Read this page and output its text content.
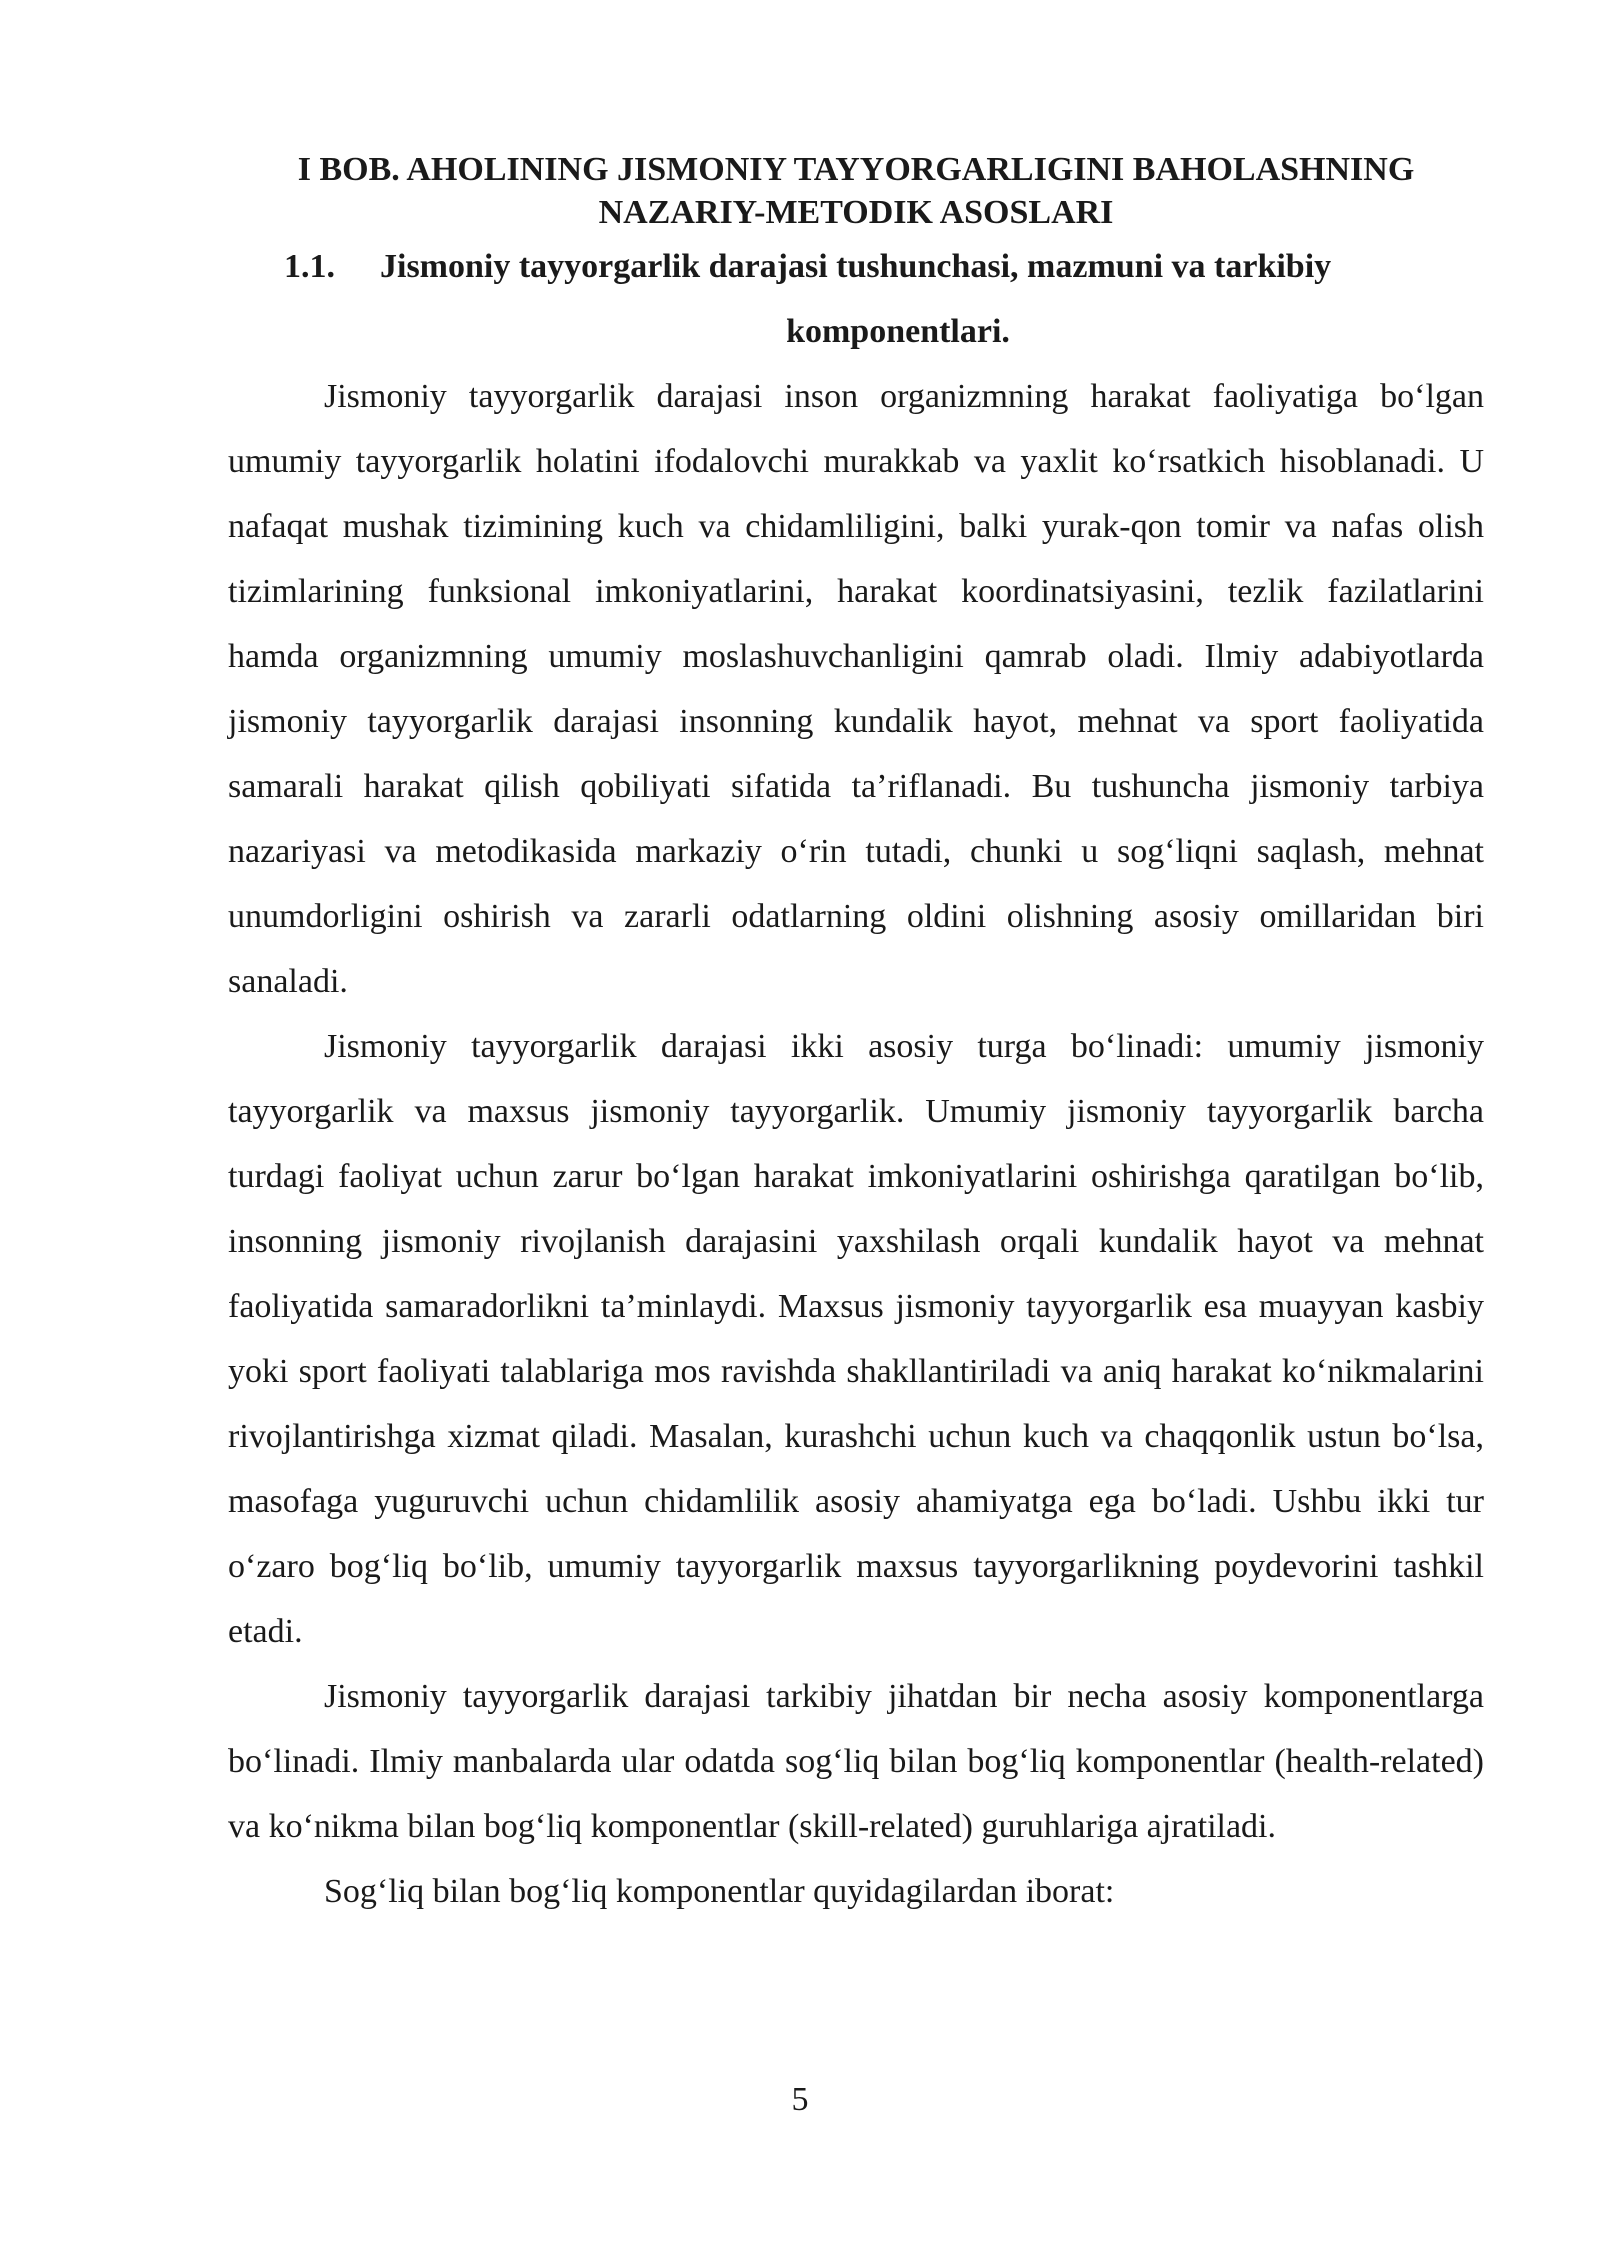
I BOB. AHOLINING JISMONIY TAYYORGARLIGINI BAHOLASHNING NAZARIY-METODIK ASOSLARI
1.1. Jismoniy tayyorgarlik darajasi tushunchasi, mazmuni va tarkibiy
komponentlari.

Jismoniy tayyorgarlik darajasi inson organizmning harakat faoliyatiga bo‘lgan umumiy tayyorgarlik holatini ifodalovchi murakkab va yaxlit ko‘rsatkich hisoblanadi. U nafaqat mushak tizimining kuch va chidamliligini, balki yurak-qon tomir va nafas olish tizimlarining funksional imkoniyatlarini, harakat koordinatsiyasini, tezlik fazilatlarini hamda organizmning umumiy moslashuvchanligini qamrab oladi. Ilmiy adabiyotlarda jismoniy tayyorgarlik darajasi insonning kundalik hayot, mehnat va sport faoliyatida samarali harakat qilish qobiliyati sifatida ta’riflanadi. Bu tushuncha jismoniy tarbiya nazariyasi va metodikasida markaziy o‘rin tutadi, chunki u sog‘liqni saqlash, mehnat unumdorligini oshirish va zararli odatlarning oldini olishning asosiy omillaridan biri sanaladi.

Jismoniy tayyorgarlik darajasi ikki asosiy turga bo‘linadi: umumiy jismoniy tayyorgarlik va maxsus jismoniy tayyorgarlik. Umumiy jismoniy tayyorgarlik barcha turdagi faoliyat uchun zarur bo‘lgan harakat imkoniyatlarini oshirishga qaratilgan bo‘lib, insonning jismoniy rivojlanish darajasini yaxshilash orqali kundalik hayot va mehnat faoliyatida samaradorlikni ta’minlaydi. Maxsus jismoniy tayyorgarlik esa muayyan kasbiy yoki sport faoliyati talablariga mos ravishda shakllantiriladi va aniq harakat ko‘nikmalarini rivojlantirishga xizmat qiladi. Masalan, kurashchi uchun kuch va chaqqonlik ustun bo‘lsa, masofaga yuguruvchi uchun chidamlilik asosiy ahamiyatga ega bo‘ladi. Ushbu ikki tur o‘zaro bog‘liq bo‘lib, umumiy tayyorgarlik maxsus tayyorgarlikning poydevorini tashkil etadi.

Jismoniy tayyorgarlik darajasi tarkibiy jihatdan bir necha asosiy komponentlarga bo‘linadi. Ilmiy manbalarda ular odatda sog‘liq bilan bog‘liq komponentlar (health-related) va ko‘nikma bilan bog‘liq komponentlar (skill-related) guruhlariga ajratiladi.

Sog‘liq bilan bog‘liq komponentlar quyidagilardan iborat:

5
